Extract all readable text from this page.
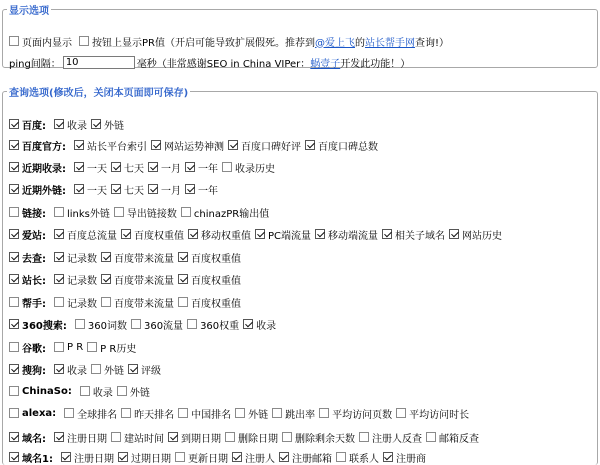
显示选项
页面内显示 按钮上显示PR值（开启可能导致扩展假死。推荐到 @爱上飞 的 站长帮手网 查询!）
ping间隔：
10	毫秒（非常感谢SEO in China VIPer： 蜗壹子 开发此功能！）
查询选项(修改后，关闭本页面即可保存)
百度: 收录 外链
百度官方: 站长平台索引 网站运势神测 百度口碑好评 百度口碑总数
近期收录: 一天 七天 一月 一年 收录历史
近期外链: 一天 七天 一月 一年
链接: links外链 导出链接数 chinazPR输出值
爱站: 百度总流量 百度权重值 移动权重值 PC端流量 移动端流量 相关子域名 网站历史
去查: 记录数 百度带来流量 百度权重值
站长: 记录数 百度带来流量 百度权重值
帮手: 记录数 百度带来流量 百度权重值
360搜索: 360词数 360流量 360权重 收录
谷歌: P R P R历史
搜狗: 收录 外链 评级
ChinaSo: 收录 外链
alexa: 全球排名 昨天排名 中国排名 外链 跳出率 平均访问页数 平均访问时长
域名: 注册日期 建站时间 到期日期 删除日期 删除剩余天数 注册人反查 邮箱反查
域名1: 注册日期 过期日期 更新日期 注册人 注册邮箱 联系人 注册商
